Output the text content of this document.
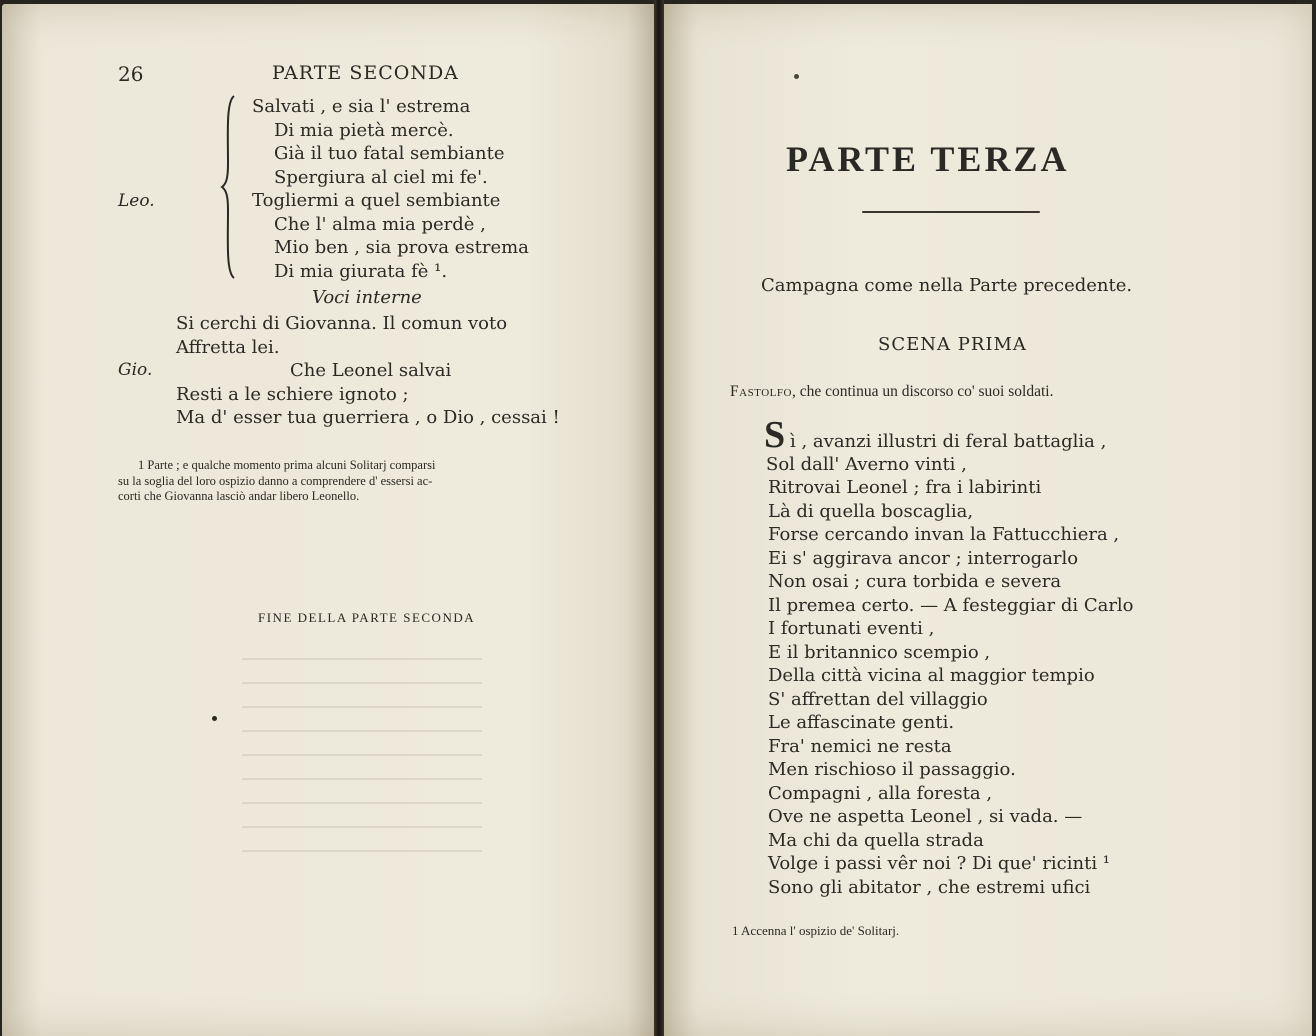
26	PARTE SECONDA
Salvati , e sia l' estrema
Di mia pietà mercè.
Già il tuo fatal sembiante
Spergiura al ciel mi fe'.
Togliermi a quel sembiante
Che l' alma mia perdè ,
Mio ben , sia prova estrema
Di mia giurata fè ¹.
Leo.
Voci interne
Si cerchi di Giovanna. Il comun voto
Affretta lei.
Gio.	Che Leonel salvai
Resti a le schiere ignoto ;
Ma d' esser tua guerriera , o Dio , cessai !
1 Parte ; e qualche momento prima alcuni Solitarj comparsi
su la soglia del loro ospizio danno a comprendere d' essersi ac-
corti che Giovanna lasciò andar libero Leonello.
FINE DELLA PARTE SECONDA
PARTE TERZA
Campagna come nella Parte precedente.
SCENA PRIMA
Fastolfo, che continua un discorso co' suoi soldati.
S ì , avanzi illustri di feral battaglia ,
Sol dall' Averno vinti ,
Ritrovai Leonel ; fra i labirinti
Là di quella boscaglia,
Forse cercando invan la Fattucchiera ,
Ei s' aggirava ancor ; interrogarlo
Non osai ; cura torbida e severa
Il premea certo. — A festeggiar di Carlo
I fortunati eventi ,
E il britannico scempio ,
Della città vicina al maggior tempio
S' affrettan del villaggio
Le affascinate genti.
Fra' nemici ne resta
Men rischioso il passaggio.
Compagni , alla foresta ,
Ove ne aspetta Leonel , si vada. —
Ma chi da quella strada
Volge i passi vêr noi ? Di que' ricinti ¹
Sono gli abitator , che estremi ufici
1 Accenna l' ospizio de' Solitarj.
